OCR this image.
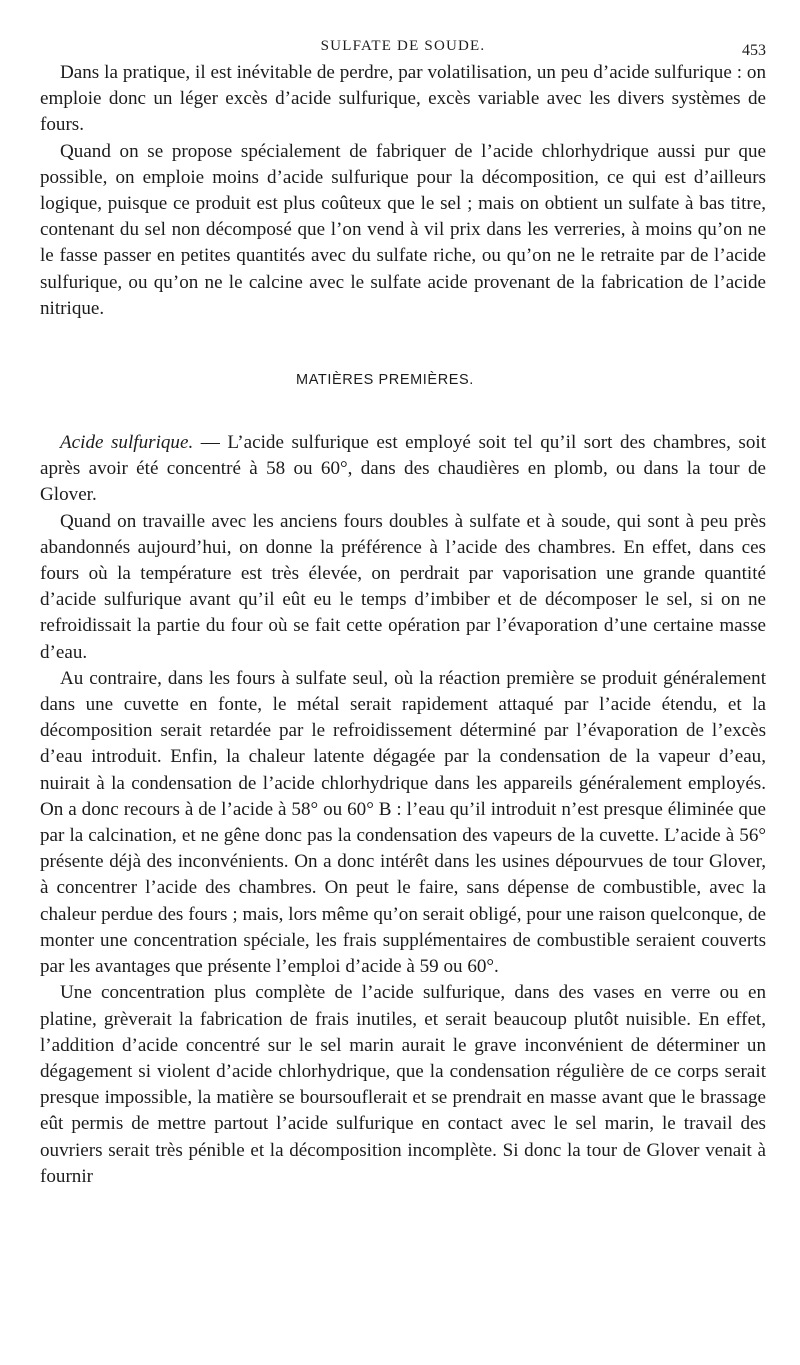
SULFATE DE SOUDE.	453

Dans la pratique, il est inévitable de perdre, par volatilisation, un peu d’acide sulfurique : on emploie donc un léger excès d’acide sulfurique, excès variable avec les divers systèmes de fours.

Quand on se propose spécialement de fabriquer de l’acide chlorhydrique aussi pur que possible, on emploie moins d’acide sulfurique pour la décomposition, ce qui est d’ailleurs logique, puisque ce produit est plus coûteux que le sel ; mais on obtient un sulfate à bas titre, contenant du sel non décomposé que l’on vend à vil prix dans les verreries, à moins qu’on ne le fasse passer en petites quantités avec du sulfate riche, ou qu’on ne le retraite par de l’acide sulfurique, ou qu’on ne le calcine avec le sulfate acide provenant de la fabrication de l’acide nitrique.

MATIÈRES PREMIÈRES.

Acide sulfurique. — L’acide sulfurique est employé soit tel qu’il sort des chambres, soit après avoir été concentré à 58 ou 60°, dans des chaudières en plomb, ou dans la tour de Glover.

Quand on travaille avec les anciens fours doubles à sulfate et à soude, qui sont à peu près abandonnés aujourd’hui, on donne la préférence à l’acide des chambres. En effet, dans ces fours où la température est très élevée, on perdrait par vaporisation une grande quantité d’acide sulfurique avant qu’il eût eu le temps d’imbiber et de décomposer le sel, si on ne refroidissait la partie du four où se fait cette opération par l’évaporation d’une certaine masse d’eau.

Au contraire, dans les fours à sulfate seul, où la réaction première se produit généralement dans une cuvette en fonte, le métal serait rapidement attaqué par l’acide étendu, et la décomposition serait retardée par le refroidissement déterminé par l’évaporation de l’excès d’eau introduit. Enfin, la chaleur latente dégagée par la condensation de la vapeur d’eau, nuirait à la condensation de l’acide chlorhydrique dans les appareils généralement employés. On a donc recours à de l’acide à 58° ou 60° B : l’eau qu’il introduit n’est presque éliminée que par la calcination, et ne gêne donc pas la condensation des vapeurs de la cuvette. L’acide à 56° présente déjà des inconvénients. On a donc intérêt dans les usines dépourvues de tour Glover, à concentrer l’acide des chambres. On peut le faire, sans dépense de combustible, avec la chaleur perdue des fours ; mais, lors même qu’on serait obligé, pour une raison quelconque, de monter une concentration spéciale, les frais supplémentaires de combustible seraient couverts par les avantages que présente l’emploi d’acide à 59 ou 60°.

Une concentration plus complète de l’acide sulfurique, dans des vases en verre ou en platine, grèverait la fabrication de frais inutiles, et serait beaucoup plutôt nuisible. En effet, l’addition d’acide concentré sur le sel marin aurait le grave inconvénient de déterminer un dégagement si violent d’acide chlorhydrique, que la condensation régulière de ce corps serait presque impossible, la matière se boursouflerait et se prendrait en masse avant que le brassage eût permis de mettre partout l’acide sulfurique en contact avec le sel marin, le travail des ouvriers serait très pénible et la décomposition incomplète. Si donc la tour de Glover venait à fournir
